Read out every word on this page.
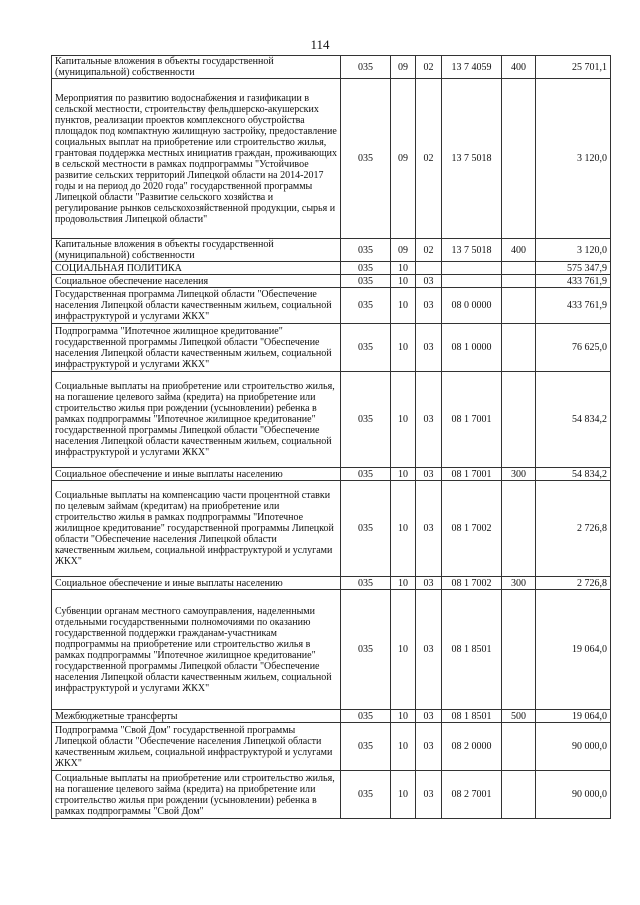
114
Капитальные вложения в объекты государственной (муниципальной) собственности	035	09	02	13 7 4059	400	25 701,1
Мероприятия по развитию водоснабжения и газификации в сельской местности, строительству фельдшерско-акушерских пунктов, реализации проектов комплексного обустройства площадок под компактную жилищную застройку, предоставление социальных выплат на приобретение или строительство жилья, грантовая поддержка местных инициатив граждан, проживающих в сельской местности в рамках подпрограммы "Устойчивое развитие сельских территорий Липецкой области на 2014-2017 годы и на период до 2020 года" государственной программы Липецкой области "Развитие сельского хозяйства и регулирование рынков сельскохозяйственной продукции, сырья и продовольствия Липецкой области"	035	09	02	13 7 5018		3 120,0
Капитальные вложения в объекты государственной (муниципальной) собственности	035	09	02	13 7 5018	400	3 120,0
СОЦИАЛЬНАЯ ПОЛИТИКА	035	10				575 347,9
Социальное обеспечение населения	035	10	03			433 761,9
Государственная программа Липецкой области "Обеспечение населения Липецкой области качественным жильем, социальной инфраструктурой и услугами ЖКХ"	035	10	03	08 0 0000		433 761,9
Подпрограмма "Ипотечное жилищное кредитование" государственной программы Липецкой области "Обеспечение населения Липецкой области качественным жильем, социальной инфраструктурой и услугами ЖКХ"	035	10	03	08 1 0000		76 625,0
Социальные выплаты на приобретение или строительство жилья, на погашение целевого займа (кредита) на приобретение или строительство жилья при рождении (усыновлении) ребенка в рамках подпрограммы "Ипотечное жилищное кредитование" государственной программы Липецкой области "Обеспечение населения Липецкой области качественным жильем, социальной инфраструктурой и услугами ЖКХ"	035	10	03	08 1 7001		54 834,2
Социальное обеспечение и иные выплаты населению	035	10	03	08 1 7001	300	54 834,2
Социальные выплаты на компенсацию части процентной ставки по целевым займам (кредитам) на приобретение или строительство жилья в рамках подпрограммы "Ипотечное жилищное кредитование" государственной программы Липецкой области "Обеспечение населения Липецкой области качественным жильем, социальной инфраструктурой и услугами ЖКХ"	035	10	03	08 1 7002		2 726,8
Социальное обеспечение и иные выплаты населению	035	10	03	08 1 7002	300	2 726,8
Субвенции органам местного самоуправления, наделенными отдельными государственными полномочиями по оказанию государственной поддержки гражданам-участникам подпрограммы на приобретение или строительство жилья в рамках подпрограммы "Ипотечное жилищное кредитование" государственной программы Липецкой области "Обеспечение населения Липецкой области качественным жильем, социальной инфраструктурой и услугами ЖКХ"	035	10	03	08 1 8501		19 064,0
Межбюджетные трансферты	035	10	03	08 1 8501	500	19 064,0
Подпрограмма "Свой Дом" государственной программы Липецкой области "Обеспечение населения Липецкой области качественным жильем, социальной инфраструктурой и услугами ЖКХ"	035	10	03	08 2 0000		90 000,0
Социальные выплаты на приобретение или строительство жилья, на погашение целевого займа (кредита) на приобретение или строительство жилья при рождении (усыновлении) ребенка в рамках подпрограммы "Свой Дом"	035	10	03	08 2 7001		90 000,0
